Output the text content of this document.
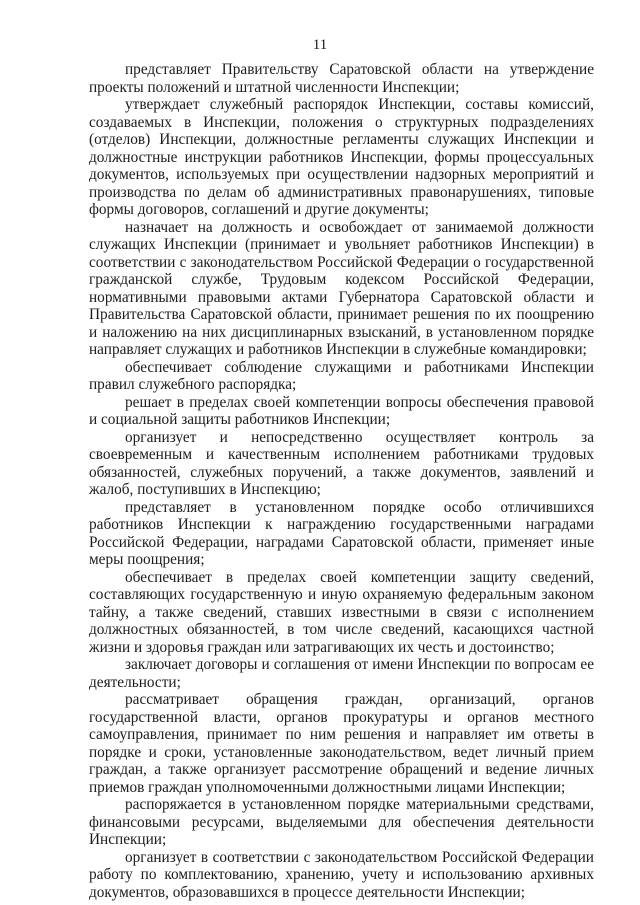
11

представляет Правительству Саратовской области на утверждение проекты положений и штатной численности Инспекции;

утверждает служебный распорядок Инспекции, составы комиссий, создаваемых в Инспекции, положения о структурных подразделениях (отделов) Инспекции, должностные регламенты служащих Инспекции и должностные инструкции работников Инспекции, формы процессуальных документов, используемых при осуществлении надзорных мероприятий и производства по делам об административных правонарушениях, типовые формы договоров, соглашений и другие документы;

назначает на должность и освобождает от занимаемой должности служащих Инспекции (принимает и увольняет работников Инспекции) в соответствии с законодательством Российской Федерации о государственной гражданской службе, Трудовым кодексом Российской Федерации, нормативными правовыми актами Губернатора Саратовской области и Правительства Саратовской области, принимает решения по их поощрению и наложению на них дисциплинарных взысканий, в установленном порядке направляет служащих и работников Инспекции в служебные командировки;

обеспечивает соблюдение служащими и работниками Инспекции правил служебного распорядка;

решает в пределах своей компетенции вопросы обеспечения правовой и социальной защиты работников Инспекции;

организует и непосредственно осуществляет контроль за своевременным и качественным исполнением работниками трудовых обязанностей, служебных поручений, а также документов, заявлений и жалоб, поступивших в Инспекцию;

представляет в установленном порядке особо отличившихся работников Инспекции к награждению государственными наградами Российской Федерации, наградами Саратовской области, применяет иные меры поощрения;

обеспечивает в пределах своей компетенции защиту сведений, составляющих государственную и иную охраняемую федеральным законом тайну, а также сведений, ставших известными в связи с исполнением должностных обязанностей, в том числе сведений, касающихся частной жизни и здоровья граждан или затрагивающих их честь и достоинство;

заключает договоры и соглашения от имени Инспекции по вопросам ее деятельности;

рассматривает обращения граждан, организаций, органов государственной власти, органов прокуратуры и органов местного самоуправления, принимает по ним решения и направляет им ответы в порядке и сроки, установленные законодательством, ведет личный прием граждан, а также организует рассмотрение обращений и ведение личных приемов граждан уполномоченными должностными лицами Инспекции;

распоряжается в установленном порядке материальными средствами, финансовыми ресурсами, выделяемыми для обеспечения деятельности Инспекции;

организует в соответствии с законодательством Российской Федерации работу по комплектованию, хранению, учету и использованию архивных документов, образовавшихся в процессе деятельности Инспекции;
